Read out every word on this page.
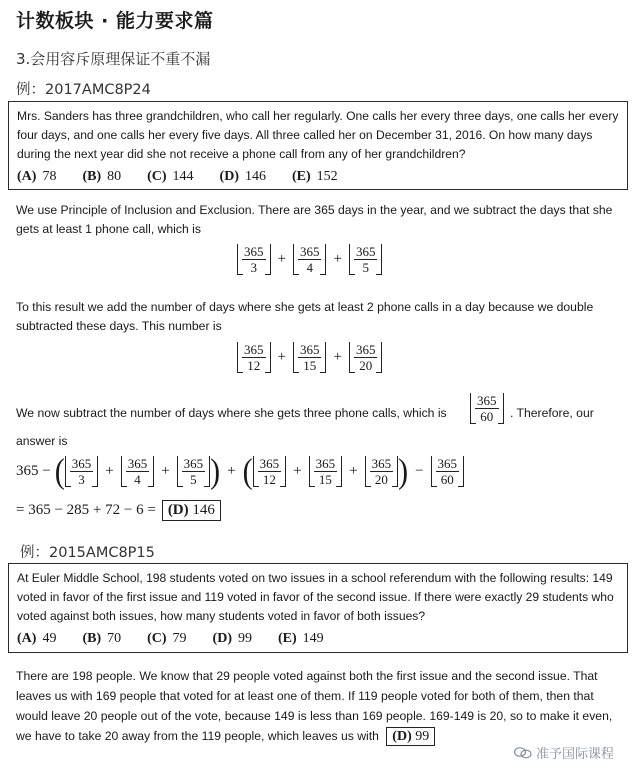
计数板块 · 能力要求篇
3.会用容斥原理保证不重不漏
例：2017AMC8P24
Mrs. Sanders has three grandchildren, who call her regularly. One calls her every three days, one calls her every four days, and one calls her every five days. All three called her on December 31, 2016. On how many days during the next year did she not receive a phone call from any of her grandchildren?
(A) 78 (B) 80 (C) 144 (D) 146 (E) 152
We use Principle of Inclusion and Exclusion. There are 365 days in the year, and we subtract the days that she gets at least 1 phone call, which is
$\frac{365}{3} + \frac{365}{4} + \frac{365}{5}$
To this result we add the number of days where she gets at least 2 phone calls in a day because we double subtracted these days. This number is
$\frac{365}{12} + \frac{365}{15} + \frac{365}{20}$
We now subtract the number of days where she gets three phone calls, which is $\frac{365}{60}$ . Therefore, our
answer is
365 − ( $\frac{365}{3} + \frac{365}{4} + \frac{365}{5}$ ) + ( $\frac{365}{12} + \frac{365}{15} + \frac{365}{20}$ ) − $\frac{365}{60}$
= 365 − 285 + 72 − 6 = (D) 146
例：2015AMC8P15
At Euler Middle School, 198 students voted on two issues in a school referendum with the following results: 149 voted in favor of the first issue and 119 voted in favor of the second issue. If there were exactly 29 students who voted against both issues, how many students voted in favor of both issues?
(A) 49 (B) 70 (C) 79 (D) 99 (E) 149
There are 198 people. We know that 29 people voted against both the first issue and the second issue. That leaves us with 169 people that voted for at least one of them. If 119 people voted for both of them, then that would leave 20 people out of the vote, because 149 is less than 169 people. 169-149 is 20, so to make it even, we have to take 20 away from the 119 people, which leaves us with (D) 99
准予国际课程
